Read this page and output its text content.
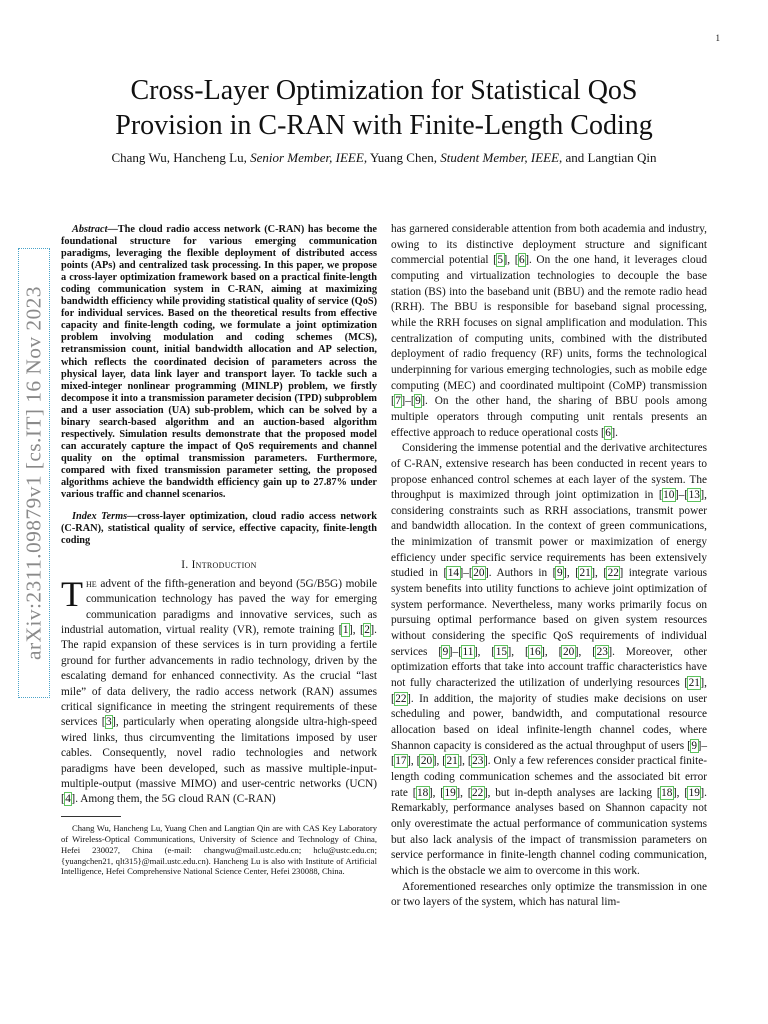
1
arXiv:2311.09879v1 [cs.IT] 16 Nov 2023
Cross-Layer Optimization for Statistical QoS
Provision in C-RAN with Finite-Length Coding
Chang Wu, Hancheng Lu, Senior Member, IEEE, Yuang Chen, Student Member, IEEE, and Langtian Qin

Abstract—The cloud radio access network (C-RAN) has become the foundational structure for various emerging communication paradigms, leveraging the flexible deployment of distributed access points (APs) and centralized task processing. In this paper, we propose a cross-layer optimization framework based on a practical finite-length coding communication system in C-RAN, aiming at maximizing bandwidth efficiency while providing statistical quality of service (QoS) for individual services. Based on the theoretical results from effective capacity and finite-length coding, we formulate a joint optimization problem involving modulation and coding schemes (MCS), retransmission count, initial bandwidth allocation and AP selection, which reflects the coordinated decision of parameters across the physical layer, data link layer and transport layer. To tackle such a mixed-integer nonlinear programming (MINLP) problem, we firstly decompose it into a transmission parameter decision (TPD) subproblem and a user association (UA) sub-problem, which can be solved by a binary search-based algorithm and an auction-based algorithm respectively. Simulation results demonstrate that the proposed model can accurately capture the impact of QoS requirements and channel quality on the optimal transmission parameters. Furthermore, compared with fixed transmission parameter setting, the proposed algorithms achieve the bandwidth efficiency gain up to 27.87% under various traffic and channel scenarios.

Index Terms—cross-layer optimization, cloud radio access network (C-RAN), statistical quality of service, effective capacity, finite-length coding

I. Introduction

The advent of the fifth-generation and beyond (5G/B5G) mobile communication technology has paved the way for emerging communication paradigms and innovative services, such as industrial automation, virtual reality (VR), remote training [1], [2]. The rapid expansion of these services is in turn providing a fertile ground for further advancements in radio technology, driven by the escalating demand for enhanced connectivity. As the crucial “last mile” of data delivery, the radio access network (RAN) assumes critical significance in meeting the stringent requirements of these services [3], particularly when operating alongside ultra-high-speed wired links, thus circumventing the limitations imposed by user cables. Consequently, novel radio technologies and network paradigms have been developed, such as massive multiple-input-multiple-output (massive MIMO) and user-centric networks (UCN) [4]. Among them, the 5G cloud RAN (C-RAN)

Chang Wu, Hancheng Lu, Yuang Chen and Langtian Qin are with CAS Key Laboratory of Wireless-Optical Communications, University of Science and Technology of China, Hefei 230027, China (e-mail: changwu@mail.ustc.edu.cn; hclu@ustc.edu.cn; {yuangchen21, qlt315}@mail.ustc.edu.cn). Hancheng Lu is also with Institute of Artificial Intelligence, Hefei Comprehensive National Science Center, Hefei 230088, China.

has garnered considerable attention from both academia and industry, owing to its distinctive deployment structure and significant commercial potential [5], [6]. On the one hand, it leverages cloud computing and virtualization technologies to decouple the base station (BS) into the baseband unit (BBU) and the remote radio head (RRH). The BBU is responsible for baseband signal processing, while the RRH focuses on signal amplification and modulation. This centralization of computing units, combined with the distributed deployment of radio frequency (RF) units, forms the technological underpinning for various emerging technologies, such as mobile edge computing (MEC) and coordinated multipoint (CoMP) transmission [7]–[9]. On the other hand, the sharing of BBU pools among multiple operators through computing unit rentals presents an effective approach to reduce operational costs [6].

Considering the immense potential and the derivative architectures of C-RAN, extensive research has been conducted in recent years to propose enhanced control schemes at each layer of the system. The throughput is maximized through joint optimization in [10]–[13], considering constraints such as RRH associations, transmit power and bandwidth allocation. In the context of green communications, the minimization of transmit power or maximization of energy efficiency under specific service requirements has been extensively studied in [14]–[20]. Authors in [9], [21], [22] integrate various system benefits into utility functions to achieve joint optimization of system performance. Nevertheless, many works primarily focus on pursuing optimal performance based on given system resources without considering the specific QoS requirements of individual services [9]–[11], [15], [16], [20], [23]. Moreover, other optimization efforts that take into account traffic characteristics have not fully characterized the utilization of underlying resources [21], [22]. In addition, the majority of studies make decisions on user scheduling and power, bandwidth, and computational resource allocation based on ideal infinite-length channel codes, where Shannon capacity is considered as the actual throughput of users [9]–[17], [20], [21], [23]. Only a few references consider practical finite-length coding communication schemes and the associated bit error rate [18], [19], [22], but in-depth analyses are lacking [18], [19]. Remarkably, performance analyses based on Shannon capacity not only overestimate the actual performance of communication systems but also lack analysis of the impact of transmission parameters on service performance in finite-length channel coding communication, which is the obstacle we aim to overcome in this work.

Aforementioned researches only optimize the transmission in one or two layers of the system, which has natural lim-
